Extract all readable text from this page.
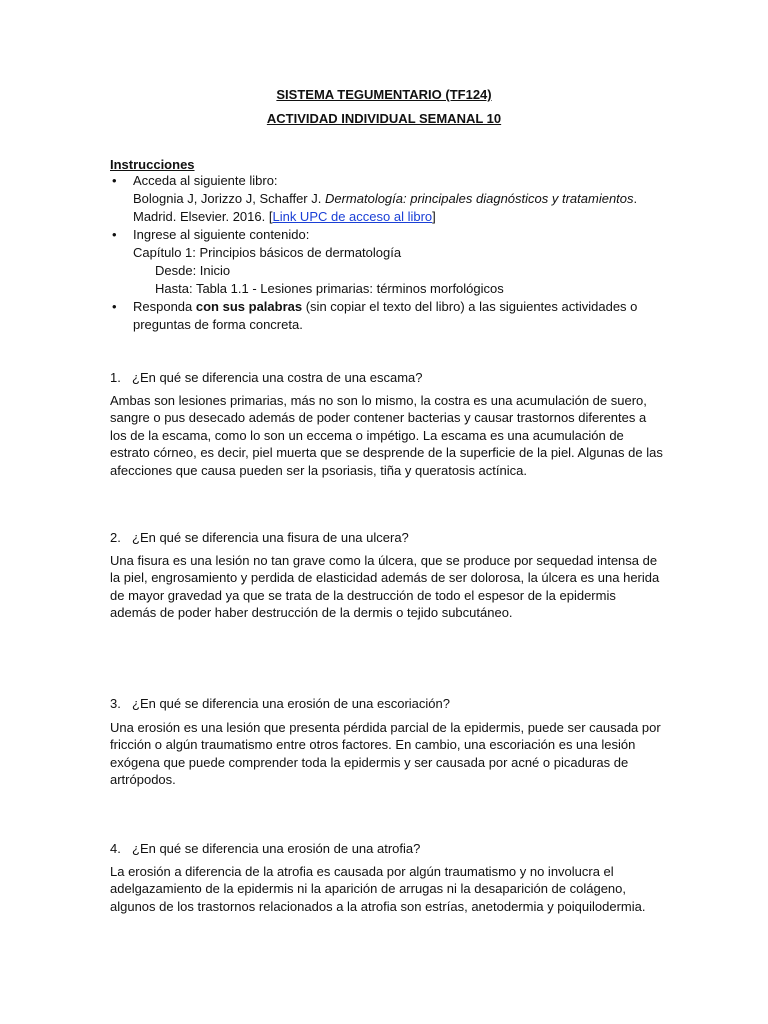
SISTEMA TEGUMENTARIO (TF124)
ACTIVIDAD INDIVIDUAL SEMANAL 10
Instrucciones
• Acceda al siguiente libro:
Bolognia J, Jorizzo J, Schaffer J. Dermatología: principales diagnósticos y tratamientos.
Madrid. Elsevier. 2016. [Link UPC de acceso al libro]
• Ingrese al siguiente contenido:
Capítulo 1: Principios básicos de dermatología
Desde: Inicio
Hasta: Tabla 1.1 - Lesiones primarias: términos morfológicos
• Responda con sus palabras (sin copiar el texto del libro) a las siguientes actividades o
preguntas de forma concreta.
1. ¿En qué se diferencia una costra de una escama?
Ambas son lesiones primarias, más no son lo mismo, la costra es una acumulación de suero, sangre o pus desecado además de poder contener bacterias y causar trastornos diferentes a los de la escama, como lo son un eccema o impétigo. La escama es una acumulación de estrato córneo, es decir, piel muerta que se desprende de la superficie de la piel. Algunas de las afecciones que causa pueden ser la psoriasis, tiña y queratosis actínica.
2. ¿En qué se diferencia una fisura de una ulcera?
Una fisura es una lesión no tan grave como la úlcera, que se produce por sequedad intensa de la piel, engrosamiento y perdida de elasticidad además de ser dolorosa, la úlcera es una herida de mayor gravedad ya que se trata de la destrucción de todo el espesor de la epidermis además de poder haber destrucción de la dermis o tejido subcutáneo.
3. ¿En qué se diferencia una erosión de una escoriación?
Una erosión es una lesión que presenta pérdida parcial de la epidermis, puede ser causada por fricción o algún traumatismo entre otros factores. En cambio, una escoriación es una lesión exógena que puede comprender toda la epidermis y ser causada por acné o picaduras de artrópodos.
4. ¿En qué se diferencia una erosión de una atrofia?
La erosión a diferencia de la atrofia es causada por algún traumatismo y no involucra el adelgazamiento de la epidermis ni la aparición de arrugas ni la desaparición de colágeno, algunos de los trastornos relacionados a la atrofia son estrías, anetodermia y poiquilodermia.
